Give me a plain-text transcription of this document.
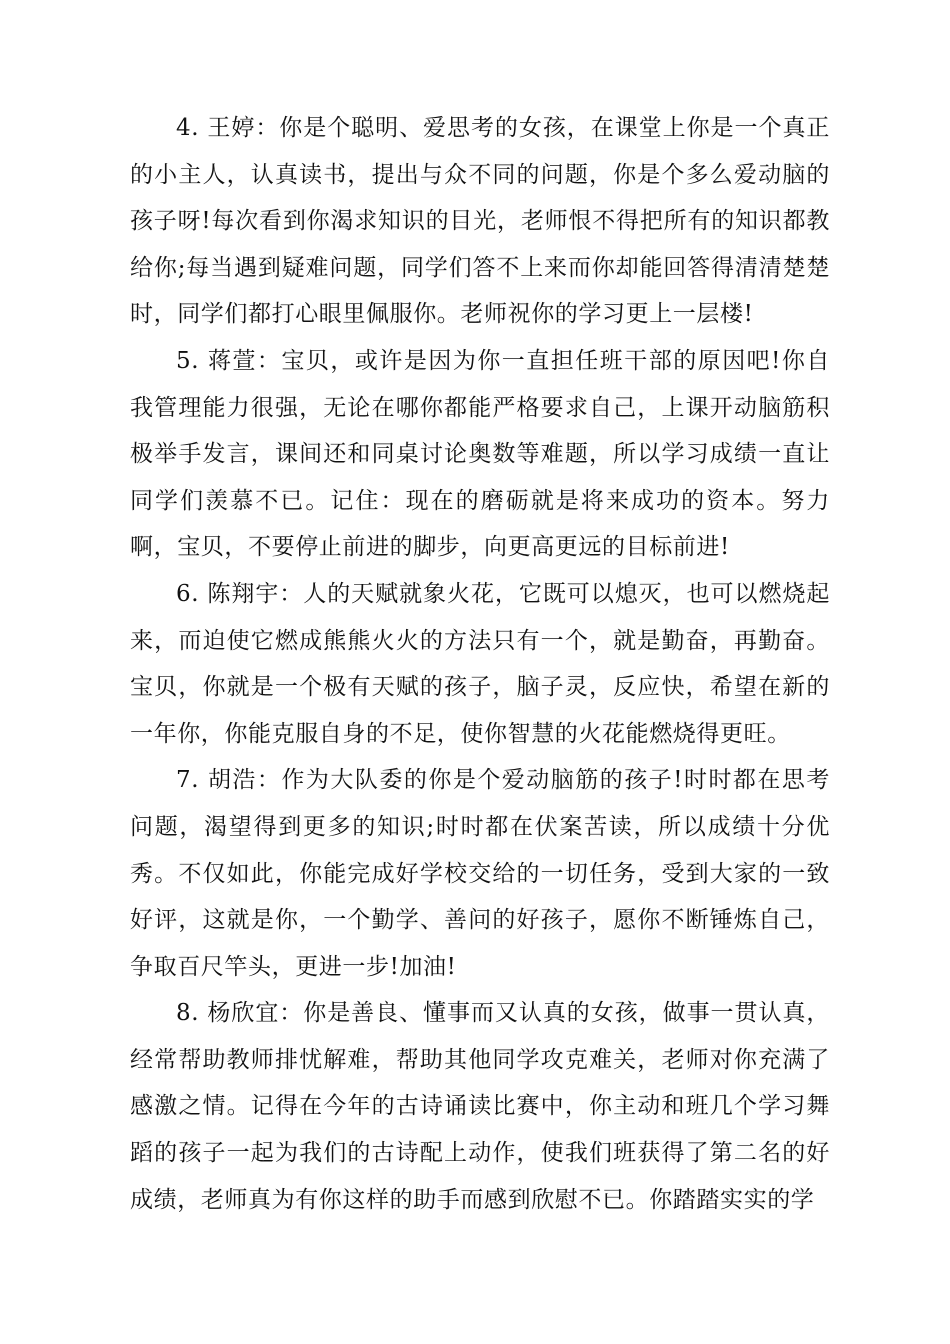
4. 王婷：你是个聪明、爱思考的女孩，在课堂上你是一个真正的小主人，认真读书，提出与众不同的问题，你是个多么爱动脑的孩子呀!每次看到你渴求知识的目光，老师恨不得把所有的知识都教给你;每当遇到疑难问题，同学们答不上来而你却能回答得清清楚楚时，同学们都打心眼里佩服你。老师祝你的学习更上一层楼!

5. 蒋萱：宝贝，或许是因为你一直担任班干部的原因吧!你自我管理能力很强，无论在哪你都能严格要求自己，上课开动脑筋积极举手发言，课间还和同桌讨论奥数等难题，所以学习成绩一直让同学们羡慕不已。记住：现在的磨砺就是将来成功的资本。努力啊，宝贝，不要停止前进的脚步，向更高更远的目标前进!

6. 陈翔宇：人的天赋就象火花，它既可以熄灭，也可以燃烧起来，而迫使它燃成熊熊火火的方法只有一个，就是勤奋，再勤奋。宝贝，你就是一个极有天赋的孩子，脑子灵，反应快，希望在新的一年你，你能克服自身的不足，使你智慧的火花能燃烧得更旺。

7. 胡浩：作为大队委的你是个爱动脑筋的孩子!时时都在思考问题，渴望得到更多的知识;时时都在伏案苦读，所以成绩十分优秀。不仅如此，你能完成好学校交给的一切任务，受到大家的一致好评，这就是你，一个勤学、善问的好孩子，愿你不断锤炼自己，争取百尺竿头，更进一步!加油!

8. 杨欣宜：你是善良、懂事而又认真的女孩，做事一贯认真，经常帮助教师排忧解难，帮助其他同学攻克难关，老师对你充满了感激之情。记得在今年的古诗诵读比赛中，你主动和班几个学习舞蹈的孩子一起为我们的古诗配上动作，使我们班获得了第二名的好成绩，老师真为有你这样的助手而感到欣慰不已。你踏踏实实的学
